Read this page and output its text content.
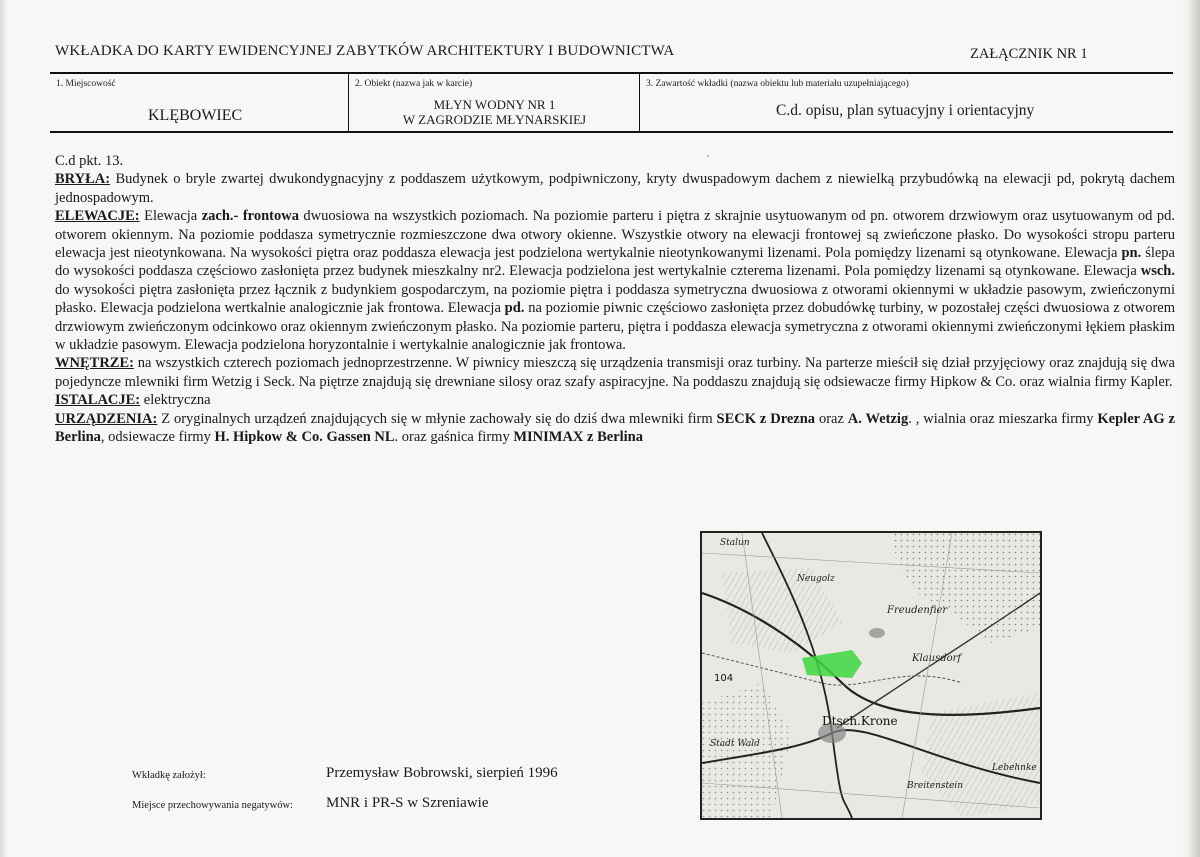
WKŁADKA DO KARTY EWIDENCYJNEJ ZABYTKÓW ARCHITEKTURY I BUDOWNICTWA	ZAŁĄCZNIK NR 1
1. Miejscowość
KLĘBOWIEC
2. Obiekt (nazwa jak w karcie)
MŁYN WODNY NR 1
W ZAGRODZIE MŁYNARSKIEJ
3. Zawartość wkładki (nazwa obiektu lub materiału uzupełniającego)
C.d. opisu, plan sytuacyjny i orientacyjny
⋆

C.d pkt. 13.

BRYŁA: Budynek o bryle zwartej dwukondygnacyjny z poddaszem użytkowym, podpiwniczony, kryty dwuspadowym dachem z niewielką przybudówką na elewacji pd, pokrytą dachem jednospadowym.

ELEWACJE: Elewacja zach.- frontowa dwuosiowa na wszystkich poziomach. Na poziomie parteru i piętra z skrajnie usytuowanym od pn. otworem drzwiowym oraz usytuowanym od pd. otworem okiennym. Na poziomie poddasza symetrycznie rozmieszczone dwa otwory okienne. Wszystkie otwory na elewacji frontowej są zwieńczone płasko. Do wysokości stropu parteru elewacja jest nieotynkowana. Na wysokości piętra oraz poddasza elewacja jest podzielona wertykalnie nieotynkowanymi lizenami. Pola pomiędzy lizenami są otynkowane. Elewacja pn. ślepa do wysokości poddasza częściowo zasłonięta przez budynek mieszkalny nr2. Elewacja podzielona jest wertykalnie czterema lizenami. Pola pomiędzy lizenami są otynkowane. Elewacja wsch. do wysokości piętra zasłonięta przez łącznik z budynkiem gospodarczym, na poziomie piętra i poddasza symetryczna dwuosiowa z otworami okiennymi w układzie pasowym, zwieńczonymi płasko. Elewacja podzielona wertkalnie analogicznie jak frontowa. Elewacja pd. na poziomie piwnic częściowo zasłonięta przez dobudówkę turbiny, w pozostałej części dwuosiowa z otworem drzwiowym zwieńczonym odcinkowo oraz okiennym zwieńczonym płasko. Na poziomie parteru, piętra i poddasza elewacja symetryczna z otworami okiennymi zwieńczonymi łękiem płaskim w układzie pasowym. Elewacja podzielona horyzontalnie i wertykalnie analogicznie jak frontowa.

WNĘTRZE: na wszystkich czterech poziomach jednoprzestrzenne. W piwnicy mieszczą się urządzenia transmisji oraz turbiny. Na parterze mieścił się dział przyjęciowy oraz znajdują się dwa pojedyncze mlewniki firm Wetzig i Seck. Na piętrze znajdują się drewniane silosy oraz szafy aspiracyjne. Na poddaszu znajdują się odsiewacze firmy Hipkow & Co. oraz wialnia firmy Kapler.

ISTALACJE: elektryczna

URZĄDZENIA: Z oryginalnych urządzeń znajdujących się w młynie zachowały się do dziś dwa mlewniki firm SECK z Drezna oraz A. Wetzig. , wialnia oraz mieszarka firmy Kepler AG z Berlina, odsiewacze firmy H. Hipkow & Co. Gassen NL. oraz gaśnica firmy MINIMAX z Berlina

Stalun
Neugolz
Freudenfier
Klausdorf
Dtsch.Krone
Stadt Wald
Breitenstein
Lebehnke
104
Wkładkę założył:	Przemysław Bobrowski, sierpień 1996
Miejsce przechowywania negatywów: MNR i PR-S w Szreniawie
